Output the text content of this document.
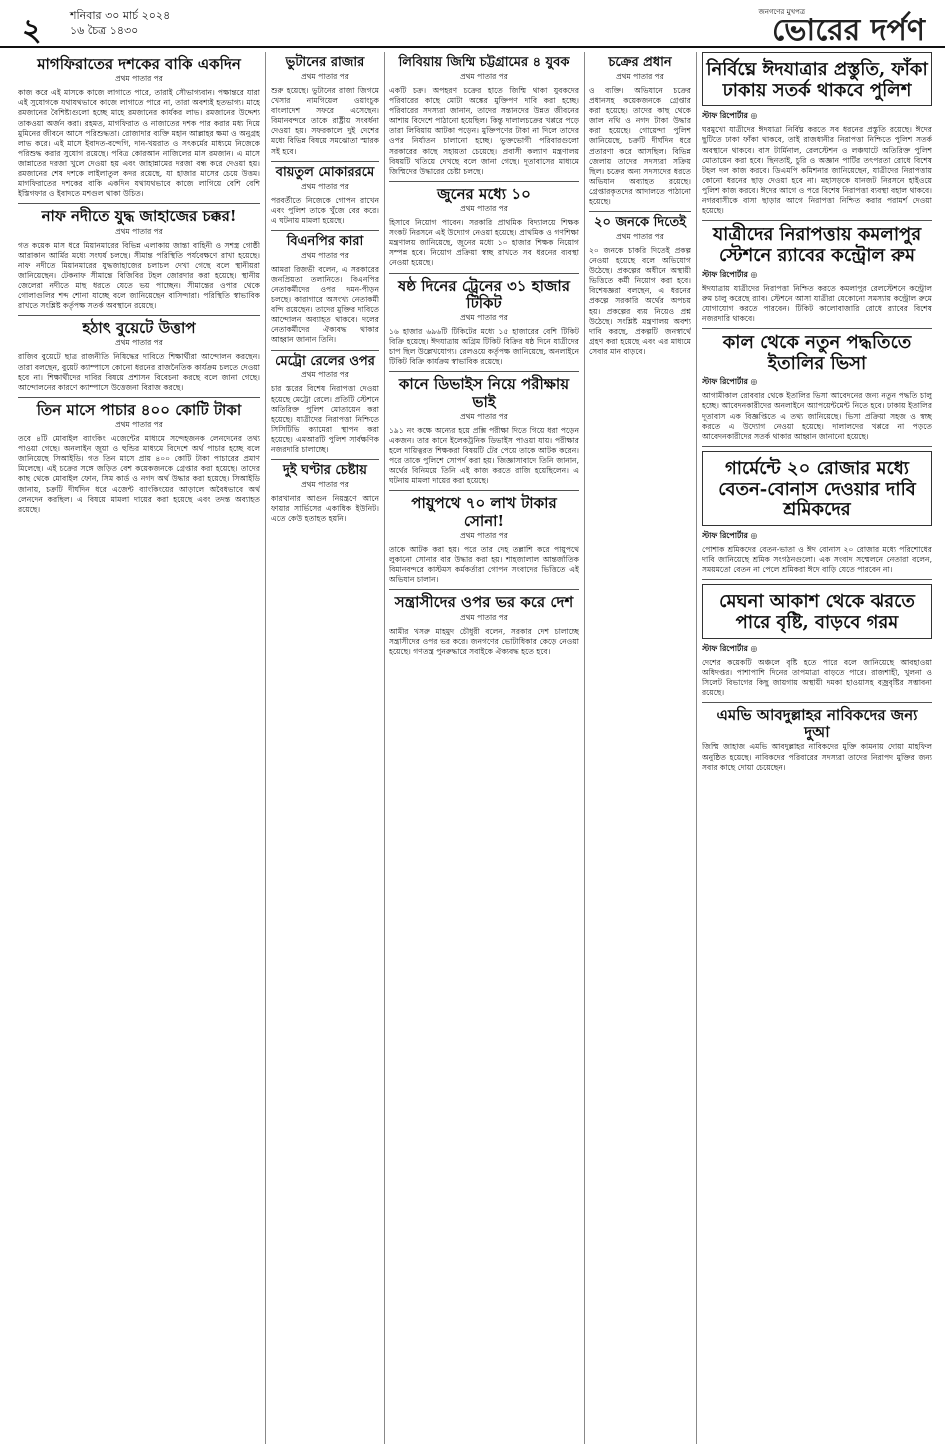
২	শনিবার ৩০ মার্চ ২০২৪
১৬ চৈত্র ১৪৩০
জনগণের মুখপত্র
ভোরের দর্পণ
মাগফিরাতের দশকের বাকি একদিন
প্রথম পাতার পর
কাজ করে এই মাসকে কাজে লাগাতে পারে, তারাই সৌভাগ্যবান। পক্ষান্তরে যারা এই সুযোগকে যথাযথভাবে কাজে লাগাতে পারে না, তারা অবশ্যই হতভাগ্য। মাহে রমজানের বৈশিষ্ট্যগুলো হচ্ছে মাহে রমজানের কার্যকর লাভ। রমজানের উদ্দেশ্য তাকওয়া অর্জন করা। রহমত, মাগফিরাত ও নাজাতের দশক পার করার মধ্য দিয়ে মুমিনের জীবনে আসে পরিশুদ্ধতা। রোজাদার ব্যক্তি মহান আল্লাহর ক্ষমা ও অনুগ্রহ লাভ করে। এই মাসে ইবাদত-বন্দেগি, দান-খয়রাত ও সৎকর্মের মাধ্যমে নিজেকে পরিশুদ্ধ করার সুযোগ রয়েছে। পবিত্র কোরআন নাজিলের মাস রমজান। এ মাসে জান্নাতের দরজা খুলে দেওয়া হয় এবং জাহান্নামের দরজা বন্ধ করে দেওয়া হয়। রমজানের শেষ দশকে লাইলাতুল কদর রয়েছে, যা হাজার মাসের চেয়ে উত্তম। মাগফিরাতের দশকের বাকি একদিন যথাযথভাবে কাজে লাগিয়ে বেশি বেশি ইস্তিগফার ও ইবাদতে মশগুল থাকা উচিত।
নাফ নদীতে যুদ্ধ জাহাজের চক্কর!
প্রথম পাতার পর
গত কয়েক মাস ধরে মিয়ানমারের বিভিন্ন এলাকায় জান্তা বাহিনী ও সশস্ত্র গোষ্ঠী আরাকান আর্মির মধ্যে সংঘর্ষ চলছে। সীমান্ত পরিস্থিতি পর্যবেক্ষণে রাখা হয়েছে। নাফ নদীতে মিয়ানমারের যুদ্ধজাহাজের চলাচল দেখা গেছে বলে স্থানীয়রা জানিয়েছেন। টেকনাফ সীমান্তে বিজিবির টহল জোরদার করা হয়েছে। স্থানীয় জেলেরা নদীতে মাছ ধরতে যেতে ভয় পাচ্ছেন। সীমান্তের ওপার থেকে গোলাগুলির শব্দ শোনা যাচ্ছে বলে জানিয়েছেন বাসিন্দারা। পরিস্থিতি স্বাভাবিক রাখতে সংশ্লিষ্ট কর্তৃপক্ষ সতর্ক অবস্থানে রয়েছে।
হঠাৎ বুয়েটে উত্তাপ
প্রথম পাতার পর
রাজিব বুয়েটে ছাত্র রাজনীতি নিষিদ্ধের দাবিতে শিক্ষার্থীরা আন্দোলন করছেন। তারা বলছেন, বুয়েট ক্যাম্পাসে কোনো ধরনের রাজনৈতিক কার্যক্রম চলতে দেওয়া হবে না। শিক্ষার্থীদের দাবির বিষয়ে প্রশাসন বিবেচনা করছে বলে জানা গেছে। আন্দোলনের কারণে ক্যাম্পাসে উত্তেজনা বিরাজ করছে।
তিন মাসে পাচার ৪০০ কোটি টাকা
প্রথম পাতার পর
তবে ৪টি মোবাইল ব্যাংকিং এজেন্টের মাধ্যমে সন্দেহজনক লেনদেনের তথ্য পাওয়া গেছে। অনলাইন জুয়া ও হুন্ডির মাধ্যমে বিদেশে অর্থ পাচার হচ্ছে বলে জানিয়েছে সিআইডি। গত তিন মাসে প্রায় ৪০০ কোটি টাকা পাচারের প্রমাণ মিলেছে। এই চক্রের সঙ্গে জড়িত বেশ কয়েকজনকে গ্রেপ্তার করা হয়েছে। তাদের কাছ থেকে মোবাইল ফোন, সিম কার্ড ও নগদ অর্থ উদ্ধার করা হয়েছে। সিআইডি জানায়, চক্রটি দীর্ঘদিন ধরে এজেন্ট ব্যাংকিংয়ের আড়ালে অবৈধভাবে অর্থ লেনদেন করছিল। এ বিষয়ে মামলা দায়ের করা হয়েছে এবং তদন্ত অব্যাহত রয়েছে।
ভুটানের রাজার
প্রথম পাতার পর
শুরু হয়েছে। ভুটানের রাজা জিগমে খেসার নামগিয়েল ওয়াংচুক বাংলাদেশ সফরে এসেছেন। বিমানবন্দরে তাকে রাষ্ট্রীয় সংবর্ধনা দেওয়া হয়। সফরকালে দুই দেশের মধ্যে বিভিন্ন বিষয়ে সমঝোতা স্মারক সই হবে।
বায়তুল মোকাররমে
প্রথম পাতার পর
পরবর্তীতে নিজেকে গোপন রাখেন এবং পুলিশ তাকে খুঁজে বের করে। এ ঘটনায় মামলা হয়েছে।
বিএনপির কারা
প্রথম পাতার পর
আমরা রিজভী বলেন, এ সরকারের জনপ্রিয়তা তলানিতে। বিএনপির নেতাকর্মীদের ওপর দমন-পীড়ন চলছে। কারাগারে অসংখ্য নেতাকর্মী বন্দি রয়েছেন। তাদের মুক্তির দাবিতে আন্দোলন অব্যাহত থাকবে। দলের নেতাকর্মীদের ঐক্যবদ্ধ থাকার আহ্বান জানান তিনি।
মেট্রো রেলের ওপর
প্রথম পাতার পর
চার স্তরের বিশেষ নিরাপত্তা দেওয়া হয়েছে মেট্রো রেলে। প্রতিটি স্টেশনে অতিরিক্ত পুলিশ মোতায়েন করা হয়েছে। যাত্রীদের নিরাপত্তা নিশ্চিতে সিসিটিভি ক্যামেরা স্থাপন করা হয়েছে। এমআরটি পুলিশ সার্বক্ষণিক নজরদারি চালাচ্ছে।
দুই ঘণ্টার চেষ্টায়
প্রথম পাতার পর
কারখানার আগুন নিয়ন্ত্রণে আনে ফায়ার সার্ভিসের একাধিক ইউনিট। এতে কেউ হতাহত হয়নি।
লিবিয়ায় জিম্মি চট্টগ্রামের ৪ যুবক
প্রথম পাতার পর
একটি চক্র। অপহরণ চক্রের হাতে জিম্মি থাকা যুবকদের পরিবারের কাছে মোটা অঙ্কের মুক্তিপণ দাবি করা হচ্ছে। পরিবারের সদস্যরা জানান, তাদের সন্তানদের উন্নত জীবনের আশায় বিদেশে পাঠানো হয়েছিল। কিন্তু দালালচক্রের খপ্পরে পড়ে তারা লিবিয়ায় আটকা পড়েন। মুক্তিপণের টাকা না দিলে তাদের ওপর নির্যাতন চালানো হচ্ছে। ভুক্তভোগী পরিবারগুলো সরকারের কাছে সহায়তা চেয়েছে। প্রবাসী কল্যাণ মন্ত্রণালয় বিষয়টি খতিয়ে দেখছে বলে জানা গেছে। দূতাবাসের মাধ্যমে জিম্মিদের উদ্ধারের চেষ্টা চলছে।
জুনের মধ্যে ১০
প্রথম পাতার পর
হিসাবে নিয়োগ পাবেন। সরকারি প্রাথমিক বিদ্যালয়ে শিক্ষক সংকট নিরসনে এই উদ্যোগ নেওয়া হয়েছে। প্রাথমিক ও গণশিক্ষা মন্ত্রণালয় জানিয়েছে, জুনের মধ্যে ১০ হাজার শিক্ষক নিয়োগ সম্পন্ন হবে। নিয়োগ প্রক্রিয়া স্বচ্ছ রাখতে সব ধরনের ব্যবস্থা নেওয়া হয়েছে।
ষষ্ঠ দিনের ট্রেনের ৩১ হাজার টিকিট
প্রথম পাতার পর
১৬ হাজার ৬৯৬টি টিকিটের মধ্যে ১৫ হাজারের বেশি টিকিট বিক্রি হয়েছে। ঈদযাত্রায় অগ্রিম টিকিট বিক্রির ষষ্ঠ দিনে যাত্রীদের চাপ ছিল উল্লেখযোগ্য। রেলওয়ে কর্তৃপক্ষ জানিয়েছে, অনলাইনে টিকিট বিক্রি কার্যক্রম স্বাভাবিক রয়েছে।
কানে ডিভাইস নিয়ে পরীক্ষায় ভাই
প্রথম পাতার পর
১৯১ নং কক্ষে অন্যের হয়ে প্রক্সি পরীক্ষা দিতে গিয়ে ধরা পড়েন একজন। তার কানে ইলেকট্রনিক ডিভাইস পাওয়া যায়। পরীক্ষার হলে দায়িত্বরত শিক্ষকরা বিষয়টি টের পেয়ে তাকে আটক করেন। পরে তাকে পুলিশে সোপর্দ করা হয়। জিজ্ঞাসাবাদে তিনি জানান, অর্থের বিনিময়ে তিনি এই কাজ করতে রাজি হয়েছিলেন। এ ঘটনায় মামলা দায়ের করা হয়েছে।
পায়ুপথে ৭০ লাখ টাকার সোনা!
প্রথম পাতার পর
তাকে আটক করা হয়। পরে তার দেহ তল্লাশি করে পায়ুপথে লুকানো সোনার বার উদ্ধার করা হয়। শাহজালাল আন্তর্জাতিক বিমানবন্দরে কাস্টমস কর্মকর্তারা গোপন সংবাদের ভিত্তিতে এই অভিযান চালান।
সন্ত্রাসীদের ওপর ভর করে দেশ
প্রথম পাতার পর
আমীর খসরু মাহমুদ চৌধুরী বলেন, সরকার দেশ চালাচ্ছে সন্ত্রাসীদের ওপর ভর করে। জনগণের ভোটাধিকার কেড়ে নেওয়া হয়েছে। গণতন্ত্র পুনরুদ্ধারে সবাইকে ঐক্যবদ্ধ হতে হবে।
চক্রের প্রধান
প্রথম পাতার পর
ও ব্যক্তি। অভিযানে চক্রের প্রধানসহ কয়েকজনকে গ্রেপ্তার করা হয়েছে। তাদের কাছ থেকে জাল নথি ও নগদ টাকা উদ্ধার করা হয়েছে। গোয়েন্দা পুলিশ জানিয়েছে, চক্রটি দীর্ঘদিন ধরে প্রতারণা করে আসছিল। বিভিন্ন জেলায় তাদের সদস্যরা সক্রিয় ছিল। চক্রের অন্য সদস্যদের ধরতে অভিযান অব্যাহত রয়েছে। গ্রেপ্তারকৃতদের আদালতে পাঠানো হয়েছে।
২০ জনকে দিতেই
প্রথম পাতার পর
২০ জনকে চাকরি দিতেই প্রকল্প নেওয়া হয়েছে বলে অভিযোগ উঠেছে। প্রকল্পের অধীনে অস্থায়ী ভিত্তিতে কর্মী নিয়োগ করা হবে। বিশেষজ্ঞরা বলছেন, এ ধরনের প্রকল্পে সরকারি অর্থের অপচয় হয়। প্রকল্পের ব্যয় নিয়েও প্রশ্ন উঠেছে। সংশ্লিষ্ট মন্ত্রণালয় অবশ্য দাবি করছে, প্রকল্পটি জনস্বার্থে গ্রহণ করা হয়েছে এবং এর মাধ্যমে সেবার মান বাড়বে।
নির্বিঘ্নে ঈদযাত্রার প্রস্তুতি, ফাঁকা ঢাকায় সতর্ক থাকবে পুলিশ
স্টাফ রিপোর্টার ◎
ঘরমুখো যাত্রীদের ঈদযাত্রা নির্বিঘ্ন করতে সব ধরনের প্রস্তুতি রয়েছে। ঈদের ছুটিতে ঢাকা ফাঁকা থাকবে, তাই রাজধানীর নিরাপত্তা নিশ্চিতে পুলিশ সতর্ক অবস্থানে থাকবে। বাস টার্মিনাল, রেলস্টেশন ও লঞ্চঘাটে অতিরিক্ত পুলিশ মোতায়েন করা হবে। ছিনতাই, চুরি ও অজ্ঞান পার্টির তৎপরতা রোধে বিশেষ টহল দল কাজ করবে। ডিএমপি কমিশনার জানিয়েছেন, যাত্রীদের নিরাপত্তায় কোনো ধরনের ছাড় দেওয়া হবে না। মহাসড়কে যানজট নিরসনে হাইওয়ে পুলিশ কাজ করবে। ঈদের আগে ও পরে বিশেষ নিরাপত্তা ব্যবস্থা বহাল থাকবে। নগরবাসীকে বাসা ছাড়ার আগে নিরাপত্তা নিশ্চিত করার পরামর্শ দেওয়া হয়েছে।
যাত্রীদের নিরাপত্তায় কমলাপুর স্টেশনে র‌্যাবের কন্ট্রোল রুম
স্টাফ রিপোর্টার ◎
ঈদযাত্রায় যাত্রীদের নিরাপত্তা নিশ্চিত করতে কমলাপুর রেলস্টেশনে কন্ট্রোল রুম চালু করেছে র‌্যাব। স্টেশনে আসা যাত্রীরা যেকোনো সমস্যায় কন্ট্রোল রুমে যোগাযোগ করতে পারবেন। টিকিট কালোবাজারি রোধে র‌্যাবের বিশেষ নজরদারি থাকবে।
কাল থেকে নতুন পদ্ধতিতে ইতালির ভিসা
স্টাফ রিপোর্টার ◎
আগামীকাল রোববার থেকে ইতালির ভিসা আবেদনের জন্য নতুন পদ্ধতি চালু হচ্ছে। আবেদনকারীদের অনলাইনে অ্যাপয়েন্টমেন্ট নিতে হবে। ঢাকায় ইতালির দূতাবাস এক বিজ্ঞপ্তিতে এ তথ্য জানিয়েছে। ভিসা প্রক্রিয়া সহজ ও স্বচ্ছ করতে এ উদ্যোগ নেওয়া হয়েছে। দালালদের খপ্পরে না পড়তে আবেদনকারীদের সতর্ক থাকার আহ্বান জানানো হয়েছে।
গার্মেন্টে ২০ রোজার মধ্যে বেতন-বোনাস দেওয়ার দাবি শ্রমিকদের
স্টাফ রিপোর্টার ◎
পোশাক শ্রমিকদের বেতন-ভাতা ও ঈদ বোনাস ২০ রোজার মধ্যে পরিশোধের দাবি জানিয়েছে শ্রমিক সংগঠনগুলো। এক সংবাদ সম্মেলনে নেতারা বলেন, সময়মতো বেতন না পেলে শ্রমিকরা ঈদে বাড়ি যেতে পারবেন না।
মেঘনা আকাশ থেকে ঝরতে পারে বৃষ্টি, বাড়বে গরম
স্টাফ রিপোর্টার ◎
দেশের কয়েকটি অঞ্চলে বৃষ্টি হতে পারে বলে জানিয়েছে আবহাওয়া অধিদপ্তর। পাশাপাশি দিনের তাপমাত্রা বাড়তে পারে। রাজশাহী, খুলনা ও সিলেট বিভাগের কিছু জায়গায় অস্থায়ী দমকা হাওয়াসহ বজ্রবৃষ্টির সম্ভাবনা রয়েছে।
এমভি আবদুল্লাহর নাবিকদের জন্য দুআ
জিম্মি জাহাজ এমভি আবদুল্লাহর নাবিকদের মুক্তি কামনায় দোয়া মাহফিল অনুষ্ঠিত হয়েছে। নাবিকদের পরিবারের সদস্যরা তাদের নিরাপদ মুক্তির জন্য সবার কাছে দোয়া চেয়েছেন।
